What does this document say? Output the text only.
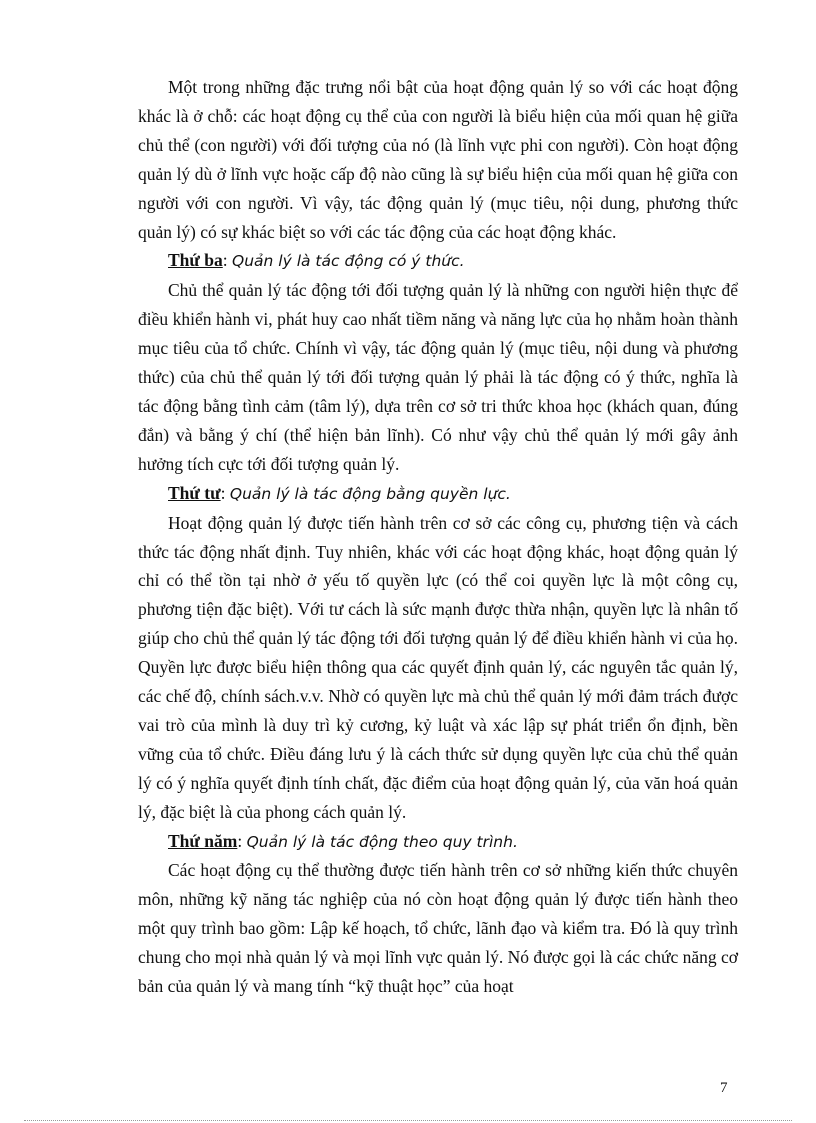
Một trong những đặc trưng nổi bật của hoạt động quản lý so với các hoạt động khác là ở chỗ: các hoạt động cụ thể của con người là biểu hiện của mối quan hệ giữa chủ thể (con người) với đối tượng của nó (là lĩnh vực phi con người). Còn hoạt động quản lý dù ở lĩnh vực hoặc cấp độ nào cũng là sự biểu hiện của mối quan hệ giữa con người với con người. Vì vậy, tác động quản lý (mục tiêu, nội dung, phương thức quản lý) có sự khác biệt so với các tác động của các hoạt động khác.

Thứ ba: Quản lý là tác động có ý thức.

Chủ thể quản lý tác động tới đối tượng quản lý là những con người hiện thực để điều khiển hành vi, phát huy cao nhất tiềm năng và năng lực của họ nhằm hoàn thành mục tiêu của tổ chức. Chính vì vậy, tác động quản lý (mục tiêu, nội dung và phương thức) của chủ thể quản lý tới đối tượng quản lý phải là tác động có ý thức, nghĩa là tác động bằng tình cảm (tâm lý), dựa trên cơ sở tri thức khoa học (khách quan, đúng đắn) và bằng ý chí (thể hiện bản lĩnh). Có như vậy chủ thể quản lý mới gây ảnh hưởng tích cực tới đối tượng quản lý.

Thứ tư: Quản lý là tác động bằng quyền lực.

Hoạt động quản lý được tiến hành trên cơ sở các công cụ, phương tiện và cách thức tác động nhất định. Tuy nhiên, khác với các hoạt động khác, hoạt động quản lý chỉ có thể tồn tại nhờ ở yếu tố quyền lực (có thể coi quyền lực là một công cụ, phương tiện đặc biệt). Với tư cách là sức mạnh được thừa nhận, quyền lực là nhân tố giúp cho chủ thể quản lý tác động tới đối tượng quản lý để điều khiển hành vi của họ. Quyền lực được biểu hiện thông qua các quyết định quản lý, các nguyên tắc quản lý, các chế độ, chính sách.v.v. Nhờ có quyền lực mà chủ thể quản lý mới đảm trách được vai trò của mình là duy trì kỷ cương, kỷ luật và xác lập sự phát triển ổn định, bền vững của tổ chức. Điều đáng lưu ý là cách thức sử dụng quyền lực của chủ thể quản lý có ý nghĩa quyết định tính chất, đặc điểm của hoạt động quản lý, của văn hoá quản lý, đặc biệt là của phong cách quản lý.

Thứ năm: Quản lý là tác động theo quy trình.

Các hoạt động cụ thể thường được tiến hành trên cơ sở những kiến thức chuyên môn, những kỹ năng tác nghiệp của nó còn hoạt động quản lý được tiến hành theo một quy trình bao gồm: Lập kế hoạch, tổ chức, lãnh đạo và kiểm tra. Đó là quy trình chung cho mọi nhà quản lý và mọi lĩnh vực quản lý. Nó được gọi là các chức năng cơ bản của quản lý và mang tính “kỹ thuật học” của hoạt

7
